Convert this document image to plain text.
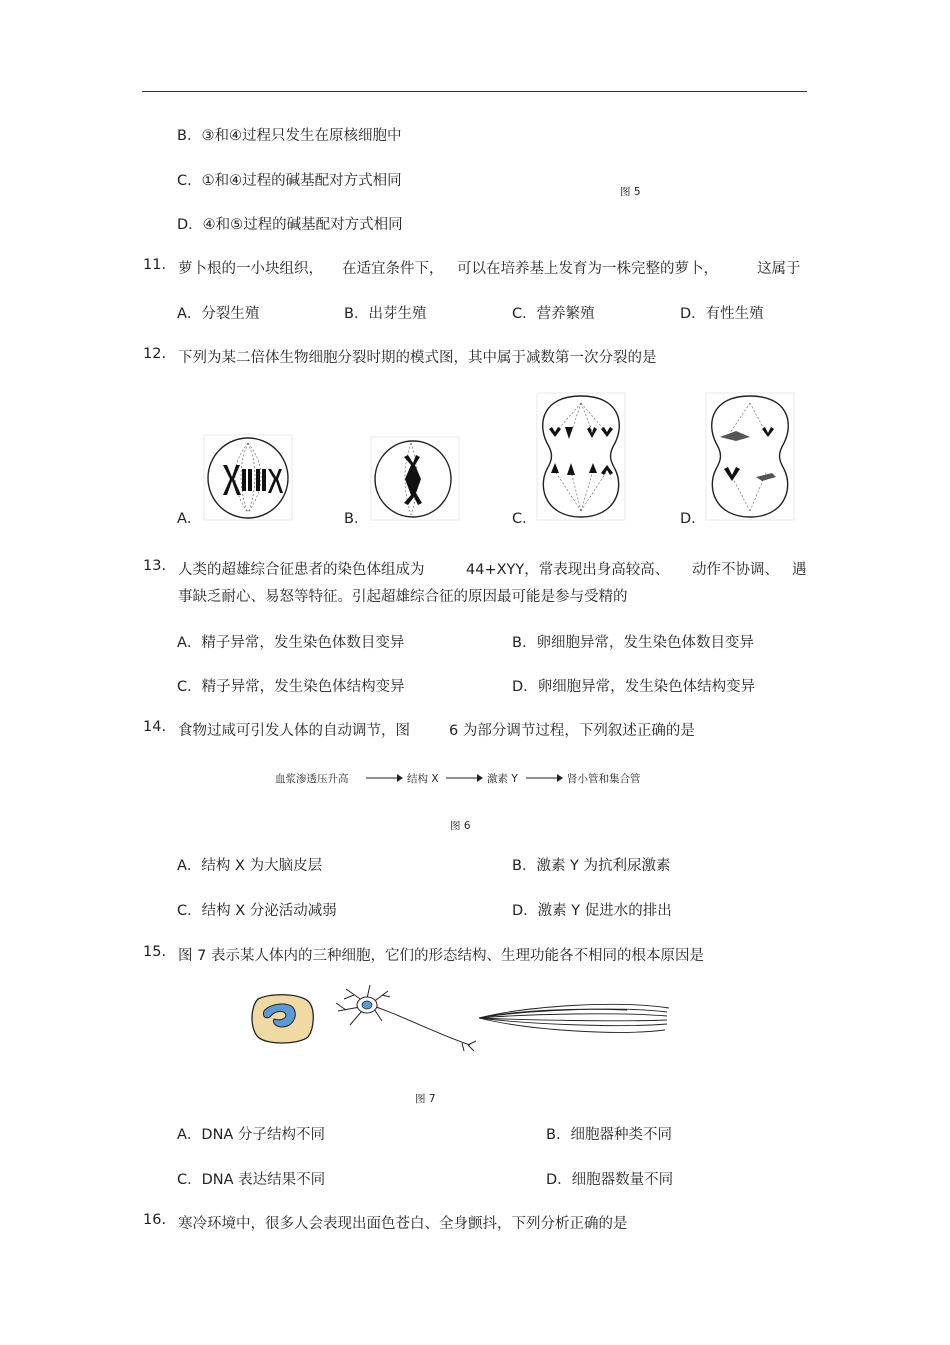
B．③和④过程只发生在原核细胞中
C．①和④过程的碱基配对方式相同
图 5
D．④和⑤过程的碱基配对方式相同
11. 萝卜根的一小块组织， 在适宜条件下， 可以在培养基上发育为一株完整的萝卜，	这属于
A．分裂生殖	B．出芽生殖	C．营养繁殖	D．有性生殖
12. 下列为某二倍体生物细胞分裂时期的模式图，其中属于减数第一次分裂的是
A．	B．	C．	D．
13. 人类的超雄综合征患者的染色体组成为	44+XYY，常表现出身高较高、 动作不协调、 遇
事缺乏耐心、易怒等特征。引起超雄综合征的原因最可能是参与受精的
A．精子异常，发生染色体数目变异	B．卵细胞异常，发生染色体数目变异
C．精子异常，发生染色体结构变异	D．卵细胞异常，发生染色体结构变异
14. 食物过咸可引发人体的自动调节，图	6 为部分调节过程，下列叙述正确的是
血浆渗透压升高	结构 X	激素 Y	肾小管和集合管
图 6
A．结构 X 为大脑皮层	B．激素 Y 为抗利尿激素
C．结构 X 分泌活动减弱	D．激素 Y 促进水的排出
15. 图 7 表示某人体内的三种细胞，它们的形态结构、生理功能各不相同的根本原因是
图 7
A．DNA 分子结构不同	B．细胞器种类不同
C．DNA 表达结果不同	D．细胞器数量不同
16. 寒冷环境中，很多人会表现出面色苍白、全身颤抖，下列分析正确的是
